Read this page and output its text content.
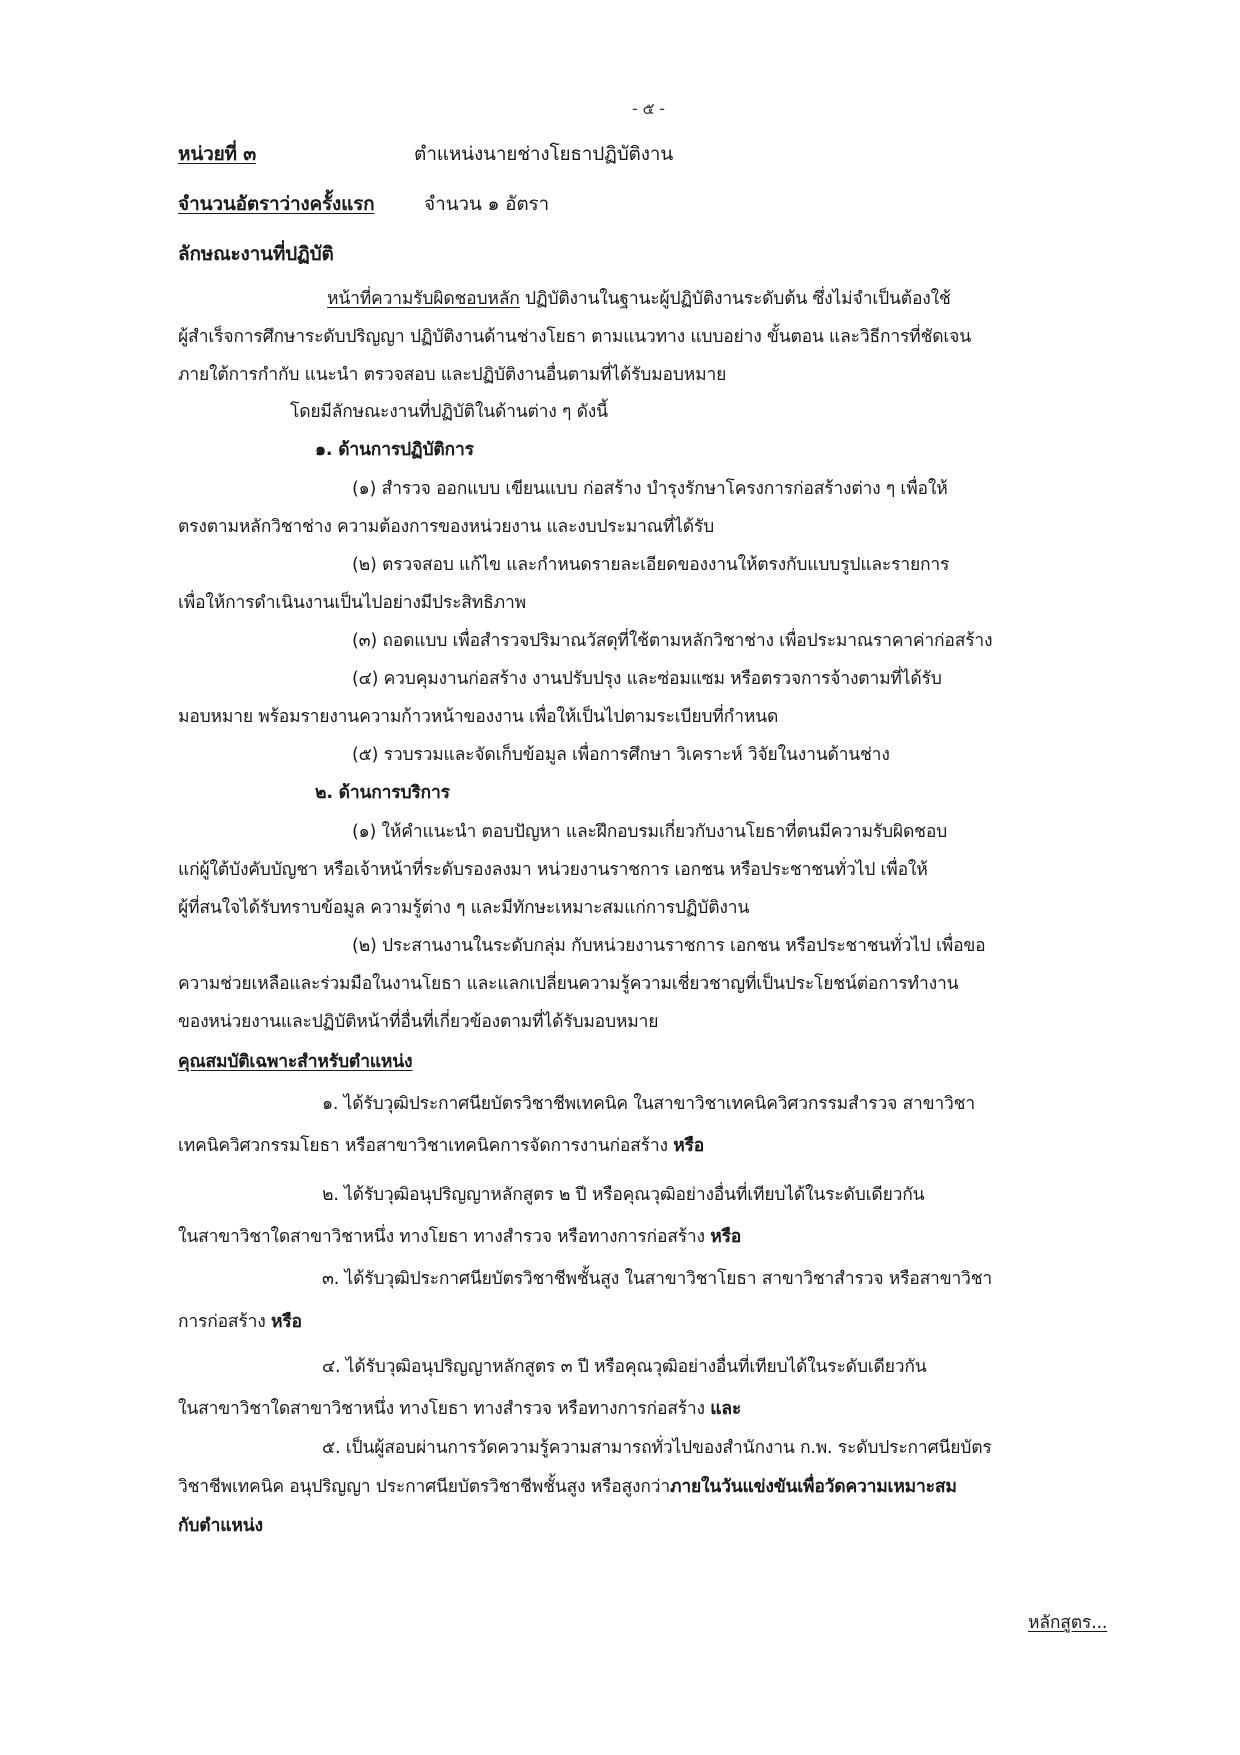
- ๕ -
หน่วยที่ ๓	ตำแหน่งนายช่างโยธาปฏิบัติงาน
จำนวนอัตราว่างครั้งแรก	จำนวน ๑ อัตรา
ลักษณะงานที่ปฏิบัติ
หน้าที่ความรับผิดชอบหลัก ปฏิบัติงานในฐานะผู้ปฏิบัติงานระดับต้น ซึ่งไม่จำเป็นต้องใช้
ผู้สำเร็จการศึกษาระดับปริญญา ปฏิบัติงานด้านช่างโยธา ตามแนวทาง แบบอย่าง ขั้นตอน และวิธีการที่ชัดเจน
ภายใต้การกำกับ แนะนำ ตรวจสอบ และปฏิบัติงานอื่นตามที่ได้รับมอบหมาย
โดยมีลักษณะงานที่ปฏิบัติในด้านต่าง ๆ ดังนี้
๑. ด้านการปฏิบัติการ
(๑) สำรวจ ออกแบบ เขียนแบบ ก่อสร้าง บำรุงรักษาโครงการก่อสร้างต่าง ๆ เพื่อให้
ตรงตามหลักวิชาช่าง ความต้องการของหน่วยงาน และงบประมาณที่ได้รับ
(๒) ตรวจสอบ แก้ไข และกำหนดรายละเอียดของงานให้ตรงกับแบบรูปและรายการ
เพื่อให้การดำเนินงานเป็นไปอย่างมีประสิทธิภาพ
(๓) ถอดแบบ เพื่อสำรวจปริมาณวัสดุที่ใช้ตามหลักวิชาช่าง เพื่อประมาณราคาค่าก่อสร้าง
(๔) ควบคุมงานก่อสร้าง งานปรับปรุง และซ่อมแซม หรือตรวจการจ้างตามที่ได้รับ
มอบหมาย พร้อมรายงานความก้าวหน้าของงาน เพื่อให้เป็นไปตามระเบียบที่กำหนด
(๕) รวบรวมและจัดเก็บข้อมูล เพื่อการศึกษา วิเคราะห์ วิจัยในงานด้านช่าง
๒. ด้านการบริการ
(๑) ให้คำแนะนำ ตอบปัญหา และฝึกอบรมเกี่ยวกับงานโยธาที่ตนมีความรับผิดชอบ
แก่ผู้ใต้บังคับบัญชา หรือเจ้าหน้าที่ระดับรองลงมา หน่วยงานราชการ เอกชน หรือประชาชนทั่วไป เพื่อให้
ผู้ที่สนใจได้รับทราบข้อมูล ความรู้ต่าง ๆ และมีทักษะเหมาะสมแก่การปฏิบัติงาน
(๒) ประสานงานในระดับกลุ่ม กับหน่วยงานราชการ เอกชน หรือประชาชนทั่วไป เพื่อขอ
ความช่วยเหลือและร่วมมือในงานโยธา และแลกเปลี่ยนความรู้ความเชี่ยวชาญที่เป็นประโยชน์ต่อการทำงาน
ของหน่วยงานและปฏิบัติหน้าที่อื่นที่เกี่ยวข้องตามที่ได้รับมอบหมาย
คุณสมบัติเฉพาะสำหรับตำแหน่ง
๑. ได้รับวุฒิประกาศนียบัตรวิชาชีพเทคนิค ในสาขาวิชาเทคนิควิศวกรรมสำรวจ สาขาวิชา
เทคนิควิศวกรรมโยธา หรือสาขาวิชาเทคนิคการจัดการงานก่อสร้าง หรือ
๒. ได้รับวุฒิอนุปริญญาหลักสูตร ๒ ปี หรือคุณวุฒิอย่างอื่นที่เทียบได้ในระดับเดียวกัน
ในสาขาวิชาใดสาขาวิชาหนึ่ง ทางโยธา ทางสำรวจ หรือทางการก่อสร้าง หรือ
๓. ได้รับวุฒิประกาศนียบัตรวิชาชีพชั้นสูง ในสาขาวิชาโยธา สาขาวิชาสำรวจ หรือสาขาวิชา
การก่อสร้าง หรือ
๔. ได้รับวุฒิอนุปริญญาหลักสูตร ๓ ปี หรือคุณวุฒิอย่างอื่นที่เทียบได้ในระดับเดียวกัน
ในสาขาวิชาใดสาขาวิชาหนึ่ง ทางโยธา ทางสำรวจ หรือทางการก่อสร้าง และ
๕. เป็นผู้สอบผ่านการวัดความรู้ความสามารถทั่วไปของสำนักงาน ก.พ. ระดับประกาศนียบัตร
วิชาชีพเทคนิค อนุปริญญา ประกาศนียบัตรวิชาชีพชั้นสูง หรือสูงกว่าภายในวันแข่งขันเพื่อวัดความเหมาะสม
กับตำแหน่ง
หลักสูตร...
